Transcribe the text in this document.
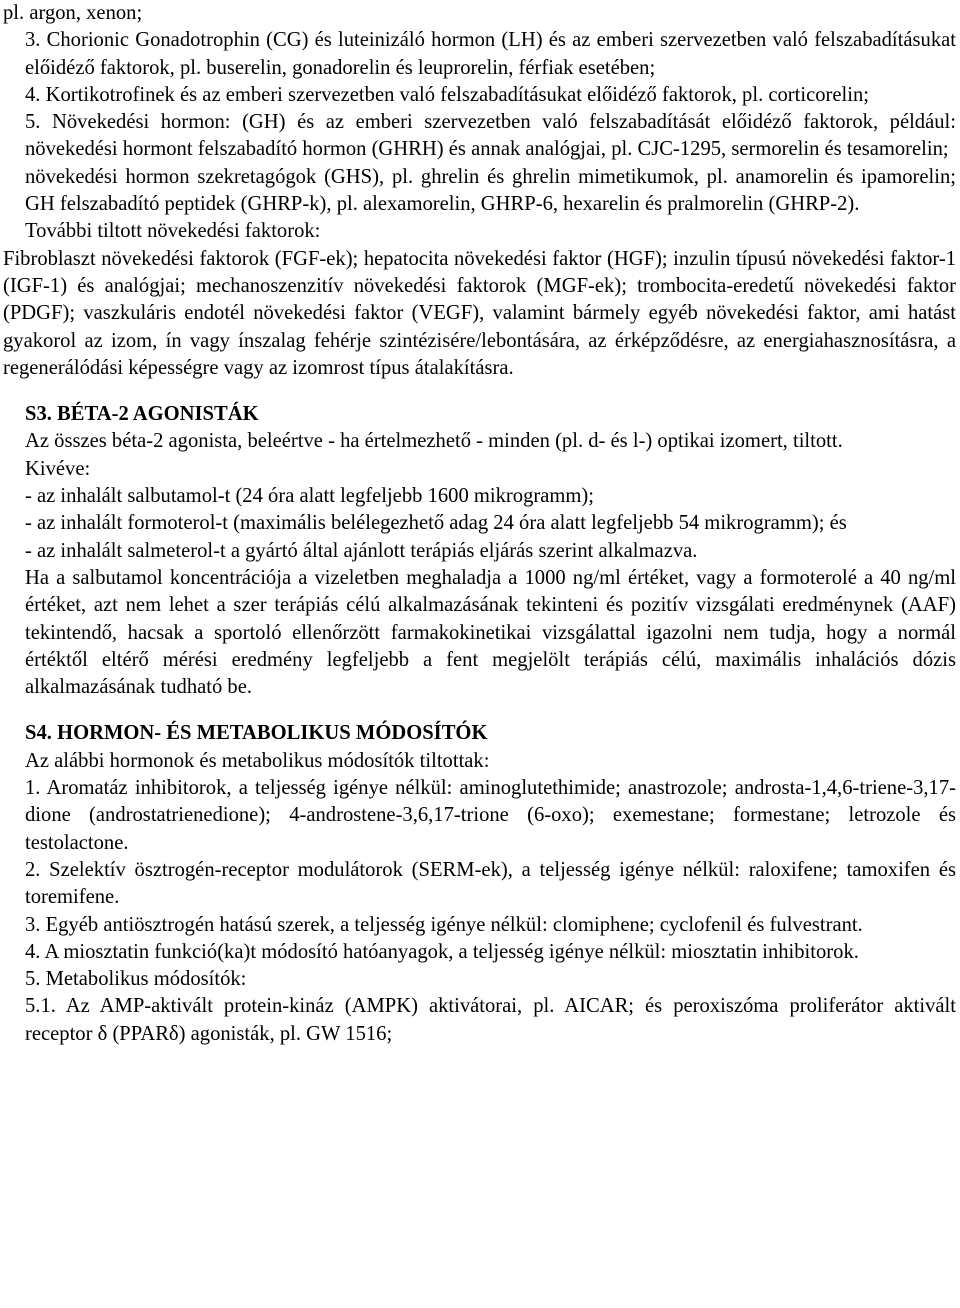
pl. argon, xenon;

3. Chorionic Gonadotrophin (CG) és luteinizáló hormon (LH) és az emberi szervezetben való felszabadításukat előidéző faktorok, pl. buserelin, gonadorelin és leuprorelin, férfiak esetében;

4. Kortikotrofinek és az emberi szervezetben való felszabadításukat előidéző faktorok, pl. corticorelin;

5. Növekedési hormon: (GH) és az emberi szervezetben való felszabadítását előidéző faktorok, például: növekedési hormont felszabadító hormon (GHRH) és annak analógjai, pl. CJC-1295, sermorelin és tesamorelin;

növekedési hormon szekretagógok (GHS), pl. ghrelin és ghrelin mimetikumok, pl. anamorelin és ipamorelin; GH felszabadító peptidek (GHRP-k), pl. alexamorelin, GHRP-6, hexarelin és pralmorelin (GHRP-2).

További tiltott növekedési faktorok:

Fibroblaszt növekedési faktorok (FGF-ek); hepatocita növekedési faktor (HGF); inzulin típusú növekedési faktor-1 (IGF-1) és analógjai; mechanoszenzitív növekedési faktorok (MGF-ek); trombocita-eredetű növekedési faktor (PDGF); vaszkuláris endotél növekedési faktor (VEGF), valamint bármely egyéb növekedési faktor, ami hatást gyakorol az izom, ín vagy ínszalag fehérje szintézisére/lebontására, az érképződésre, az energiahasznosításra, a regenerálódási képességre vagy az izomrost típus átalakításra.

S3. BÉTA-2 AGONISTÁK

Az összes béta-2 agonista, beleértve - ha értelmezhető - minden (pl. d- és l-) optikai izomert, tiltott.

Kivéve:

- az inhalált salbutamol-t (24 óra alatt legfeljebb 1600 mikrogramm);

- az inhalált formoterol-t (maximális belélegezhető adag 24 óra alatt legfeljebb 54 mikrogramm); és

- az inhalált salmeterol-t a gyártó által ajánlott terápiás eljárás szerint alkalmazva.

Ha a salbutamol koncentrációja a vizeletben meghaladja a 1000 ng/ml értéket, vagy a formoterolé a 40 ng/ml értéket, azt nem lehet a szer terápiás célú alkalmazásának tekinteni és pozitív vizsgálati eredménynek (AAF) tekintendő, hacsak a sportoló ellenőrzött farmakokinetikai vizsgálattal igazolni nem tudja, hogy a normál értéktől eltérő mérési eredmény legfeljebb a fent megjelölt terápiás célú, maximális inhalációs dózis alkalmazásának tudható be.

S4. HORMON- ÉS METABOLIKUS MÓDOSÍTÓK

Az alábbi hormonok és metabolikus módosítók tiltottak:

1. Aromatáz inhibitorok, a teljesség igénye nélkül: aminoglutethimide; anastrozole; androsta-1,4,6-triene-3,17-dione (androstatrienedione); 4-androstene-3,6,17-trione (6-oxo); exemestane; formestane; letrozole és testolactone.

2. Szelektív ösztrogén-receptor modulátorok (SERM-ek), a teljesség igénye nélkül: raloxifene; tamoxifen és toremifene.

3. Egyéb antiösztrogén hatású szerek, a teljesség igénye nélkül: clomiphene; cyclofenil és fulvestrant.

4. A miosztatin funkció(ka)t módosító hatóanyagok, a teljesség igénye nélkül: miosztatin inhibitorok.

5. Metabolikus módosítók:

5.1. Az AMP-aktivált protein-kináz (AMPK) aktivátorai, pl. AICAR; és peroxiszóma proliferátor aktivált receptor δ (PPARδ) agonisták, pl. GW 1516;
